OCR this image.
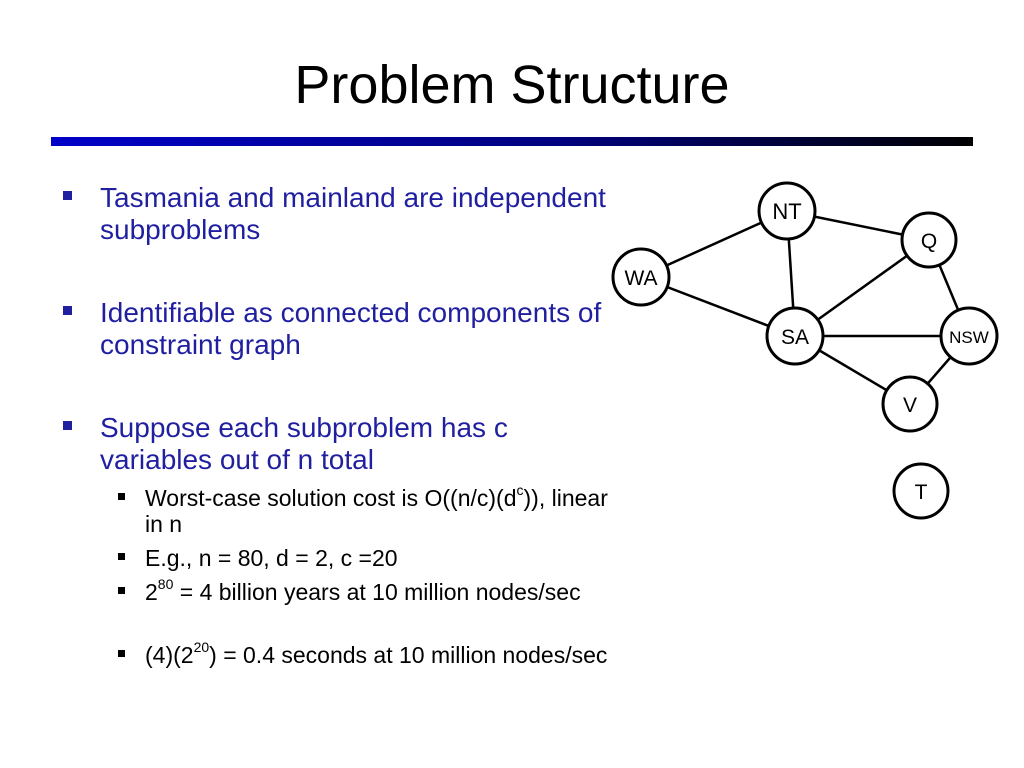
Problem Structure
Tasmania and mainland are independent subproblems
Identifiable as connected components of constraint graph
Suppose each subproblem has c variables out of n total
Worst-case solution cost is $O((n/c)(d^c))$, linear in n
E.g., n = 80, d = 2, c =20
$2^{80} = 4$ billion years at 10 million nodes/sec
$(4)(2^{20}) = 0.4$ seconds at 10 million nodes/sec
NT
Q
WA
SA	NSW
V
T
